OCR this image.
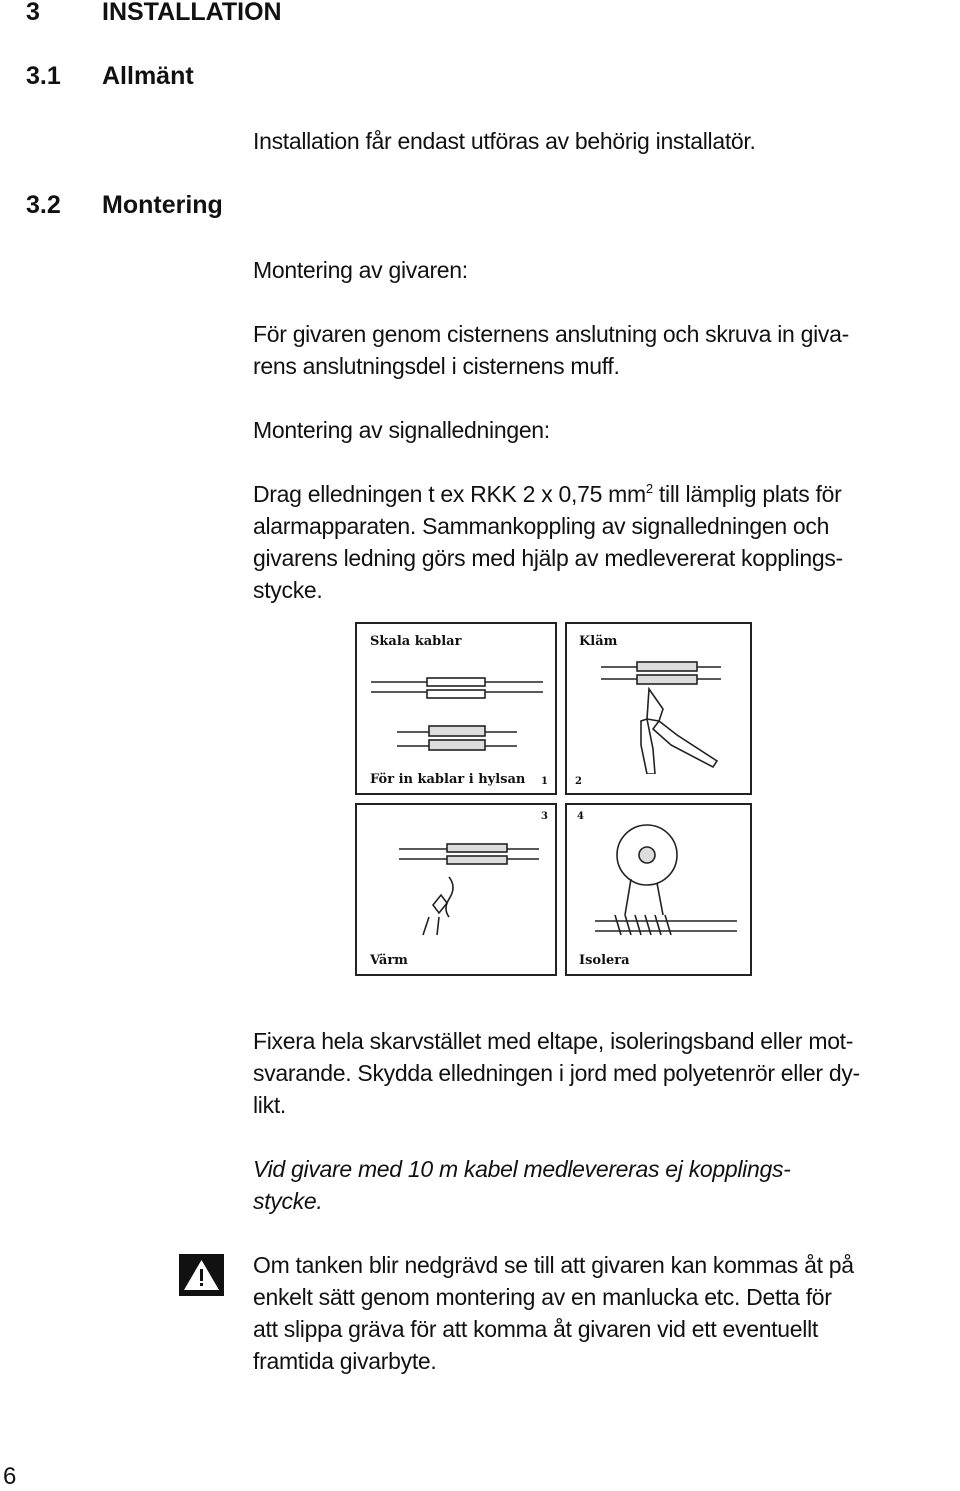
3 INSTALLATION
3.1 Allmänt
Installation får endast utföras av behörig installatör.
3.2 Montering
Montering av givaren:
För givaren genom cisternens anslutning och skruva in giva-
rens anslutningsdel i cisternens muff.
Montering av signalledningen:
Drag elledningen t ex RKK 2 x 0,75 $mm^2$ till lämplig plats för
alarmapparaten. Sammankoppling av signalledningen och
givarens ledning görs med hjälp av medlevererat kopplings-
stycke.
Skala kablar
För in kablar i hylsan 1
Kläm
2
3
Värm
4
Isolera
Fixera hela skarvstället med eltape, isoleringsband eller mot-
svarande. Skydda elledningen i jord med polyetenrör eller dy-
likt.
Vid givare med 10 m kabel medlevereras ej kopplings-
stycke.
Om tanken blir nedgrävd se till att givaren kan kommas åt på
enkelt sätt genom montering av en manlucka etc. Detta för
att slippa gräva för att komma åt givaren vid ett eventuellt
framtida givarbyte.
6
